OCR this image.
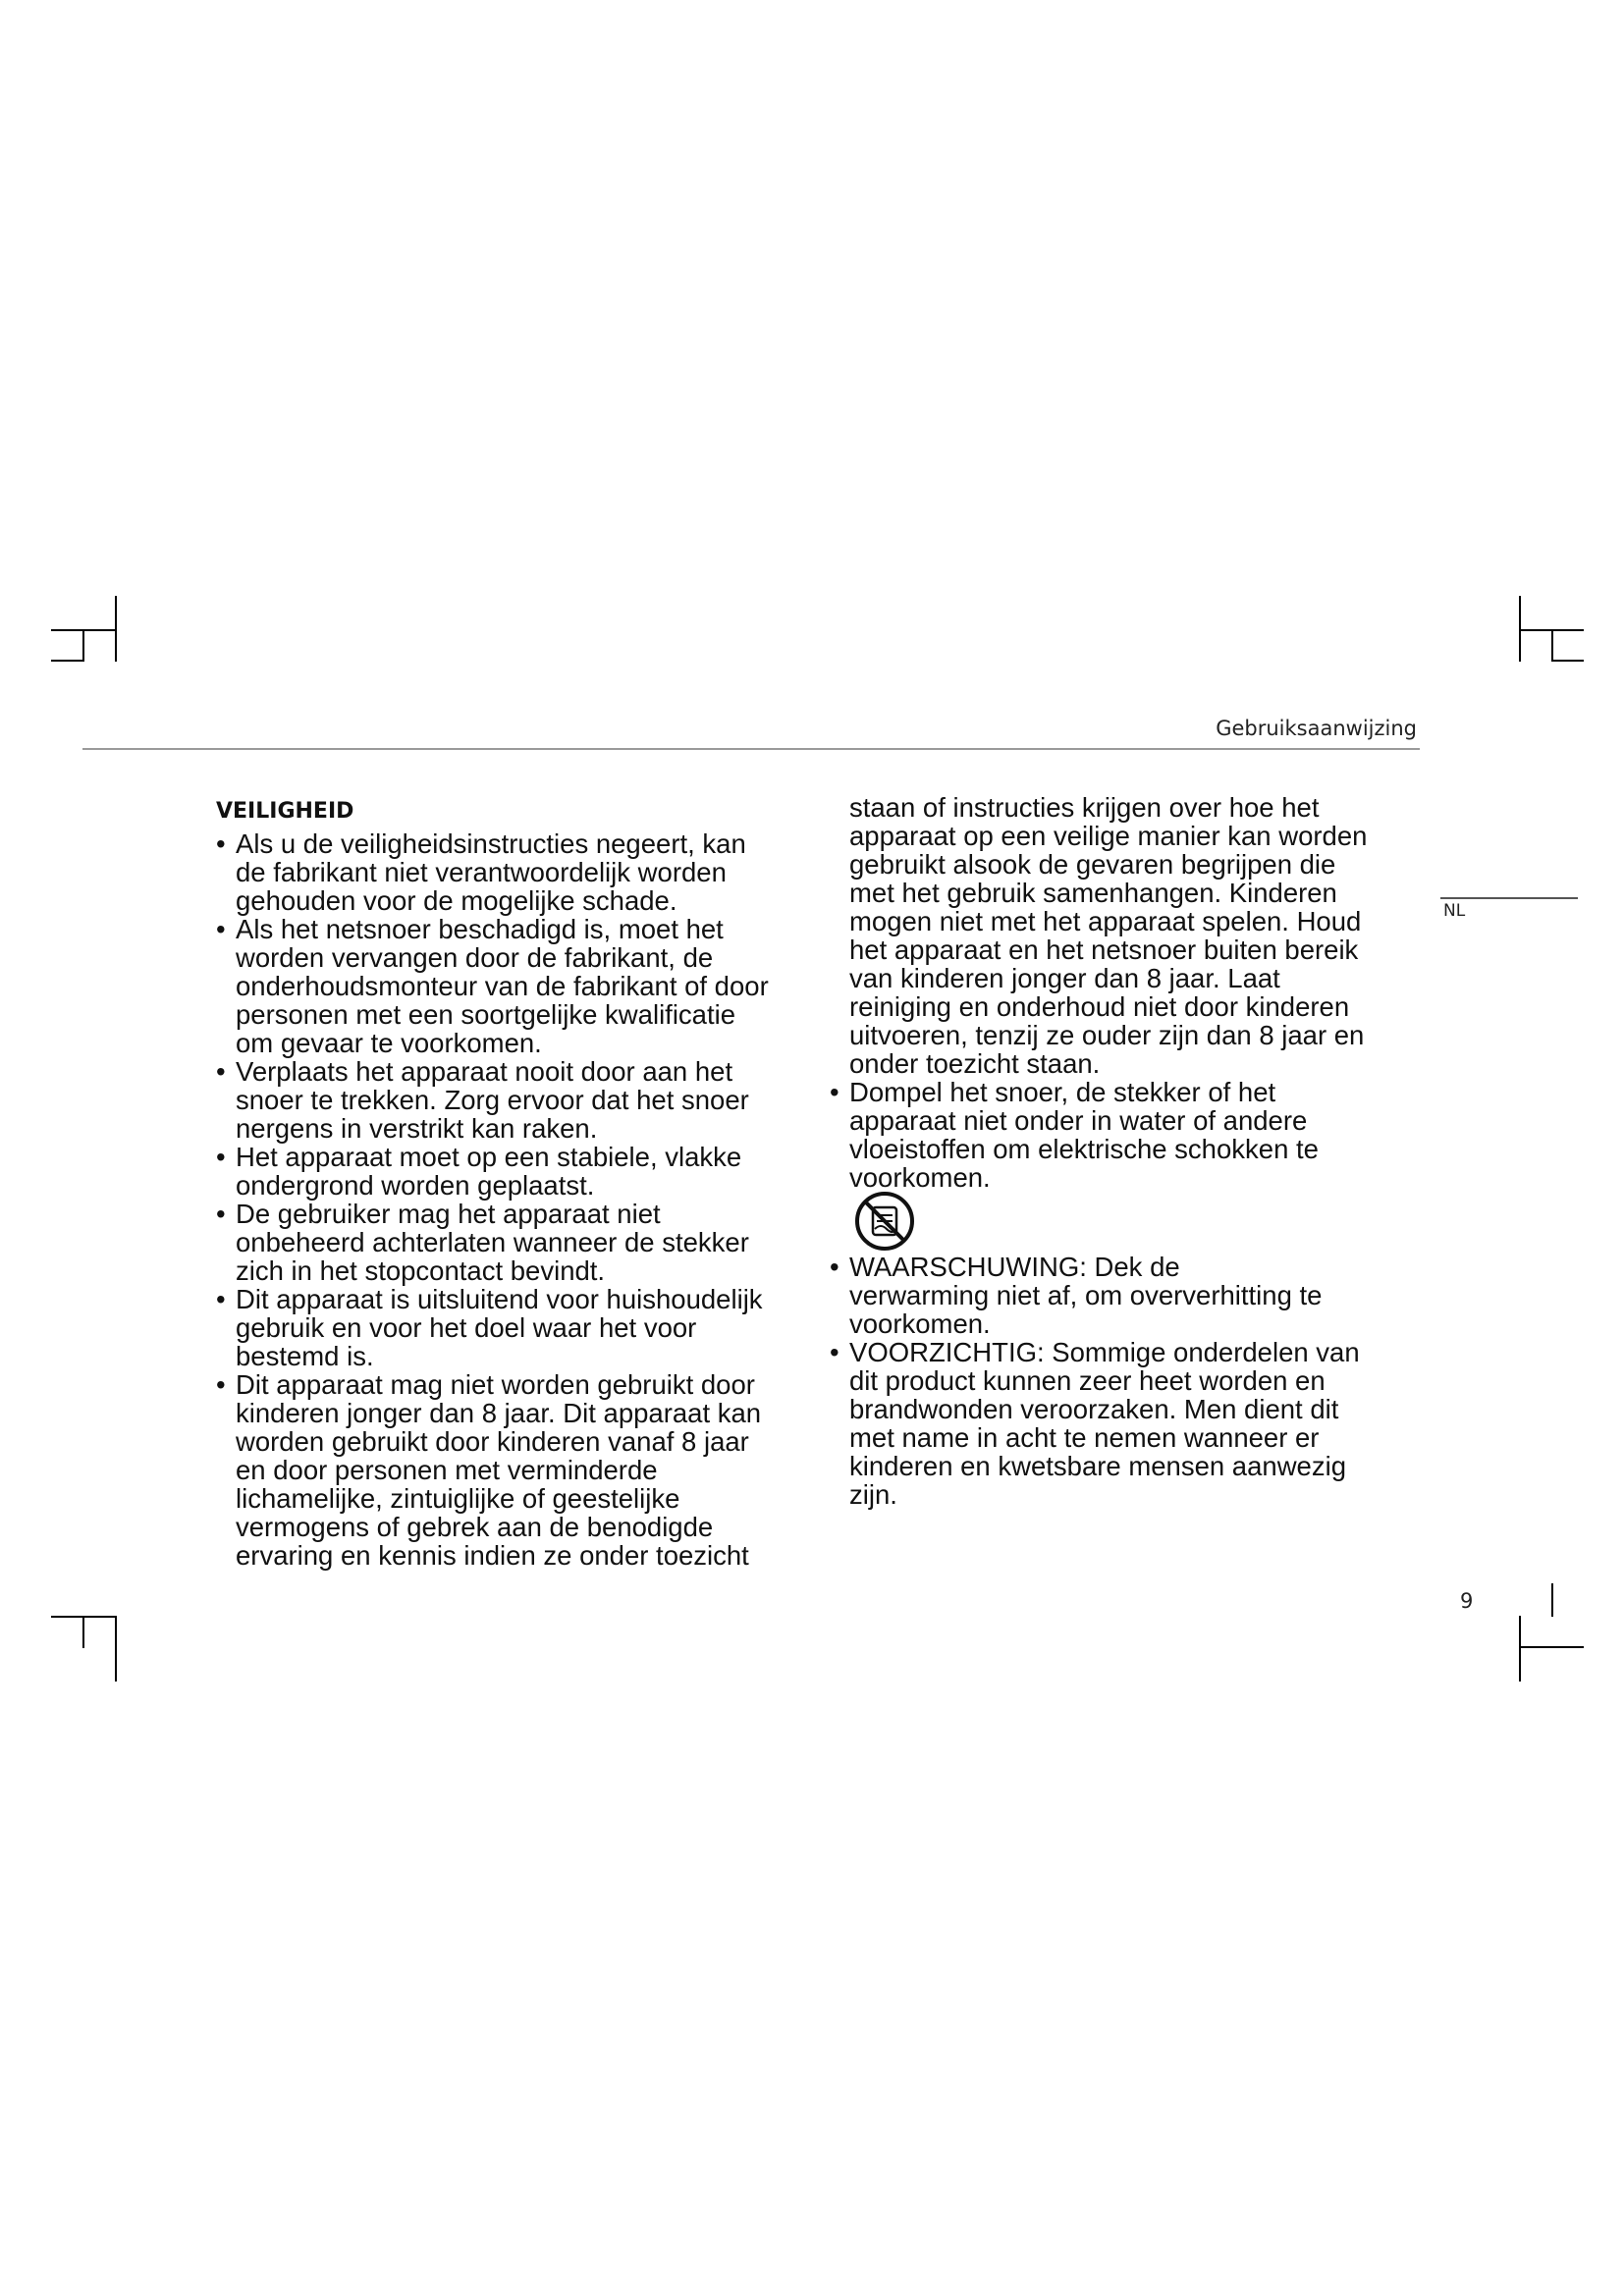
Gebruiksaanwijzing
NL
VEILIGHEID
• Als u de veiligheidsinstructies negeert, kan
de fabrikant niet verantwoordelijk worden
gehouden voor de mogelijke schade.
• Als het netsnoer beschadigd is, moet het
worden vervangen door de fabrikant, de
onderhoudsmonteur van de fabrikant of door
personen met een soortgelijke kwalificatie
om gevaar te voorkomen.
• Verplaats het apparaat nooit door aan het
snoer te trekken. Zorg ervoor dat het snoer
nergens in verstrikt kan raken.
• Het apparaat moet op een stabiele, vlakke
ondergrond worden geplaatst.
• De gebruiker mag het apparaat niet
onbeheerd achterlaten wanneer de stekker
zich in het stopcontact bevindt.
• Dit apparaat is uitsluitend voor huishoudelijk
gebruik en voor het doel waar het voor
bestemd is.
• Dit apparaat mag niet worden gebruikt door
kinderen jonger dan 8 jaar. Dit apparaat kan
worden gebruikt door kinderen vanaf 8 jaar
en door personen met verminderde
lichamelijke, zintuiglijke of geestelijke
vermogens of gebrek aan de benodigde
ervaring en kennis indien ze onder toezicht
staan of instructies krijgen over hoe het
apparaat op een veilige manier kan worden
gebruikt alsook de gevaren begrijpen die
met het gebruik samenhangen. Kinderen
mogen niet met het apparaat spelen. Houd
het apparaat en het netsnoer buiten bereik
van kinderen jonger dan 8 jaar. Laat
reiniging en onderhoud niet door kinderen
uitvoeren, tenzij ze ouder zijn dan 8 jaar en
onder toezicht staan.
• Dompel het snoer, de stekker of het
apparaat niet onder in water of andere
vloeistoffen om elektrische schokken te
voorkomen.
• WAARSCHUWING: Dek de
verwarming niet af, om oververhitting te
voorkomen.
• VOORZICHTIG: Sommige onderdelen van
dit product kunnen zeer heet worden en
brandwonden veroorzaken. Men dient dit
met name in acht te nemen wanneer er
kinderen en kwetsbare mensen aanwezig
zijn.
9
